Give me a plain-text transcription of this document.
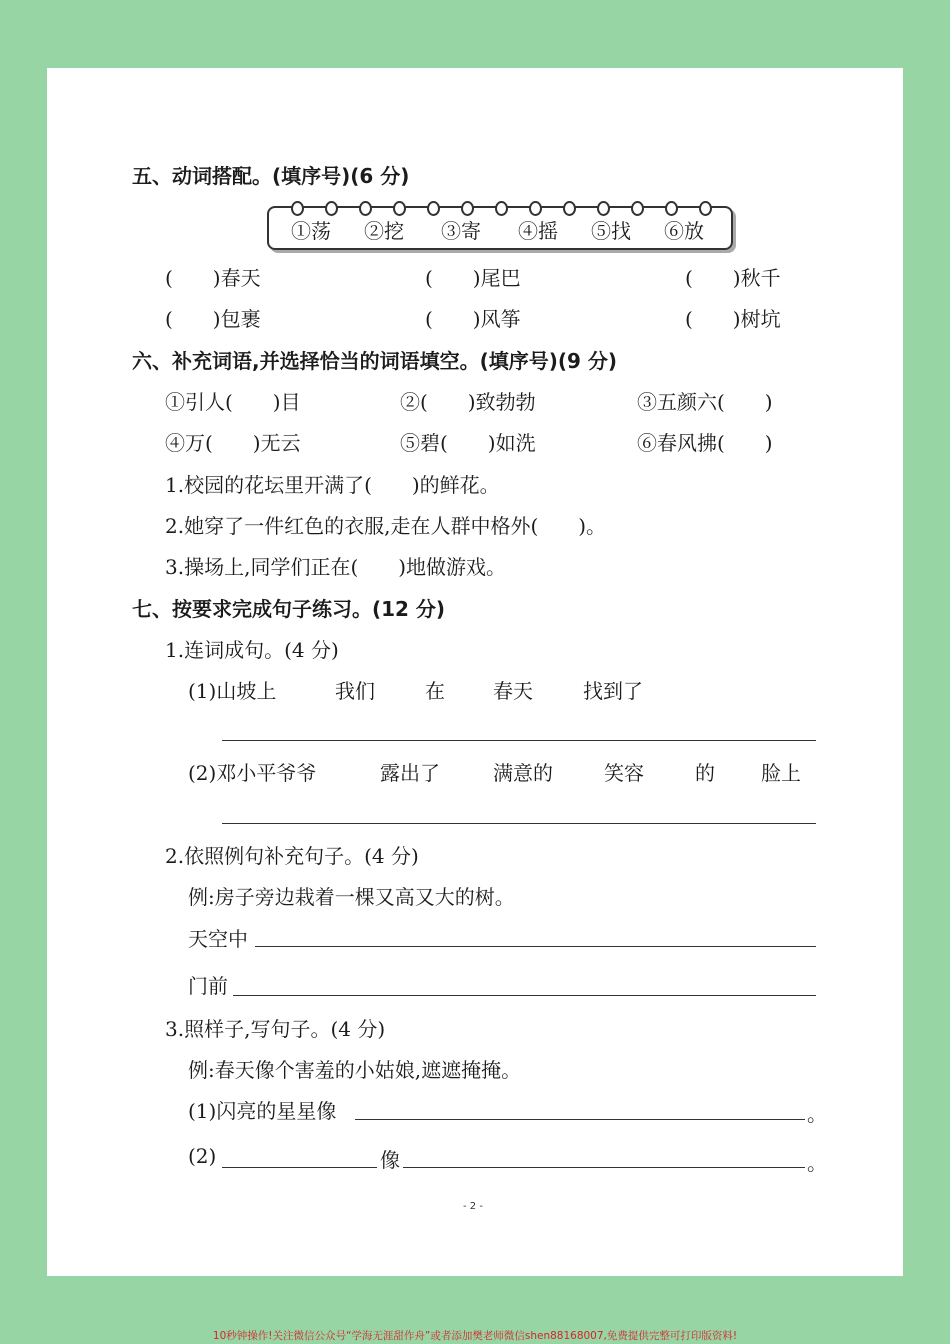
五、动词搭配。(填序号)(6 分)
①荡 ②挖 ③寄 ④摇 ⑤找 ⑥放
(　　)春天	(　　)尾巴	(　　)秋千
(　　)包裹	(　　)风筝	(　　)树坑
六、补充词语,并选择恰当的词语填空。(填序号)(9 分)
①引人(　　)目	②(　　)致勃勃	③五颜六(　　)
④万(　　)无云	⑤碧(　　)如洗	⑥春风拂(　　)
1.校园的花坛里开满了(　　)的鲜花。
2.她穿了一件红色的衣服,走在人群中格外(　　)。
3.操场上,同学们正在(　　)地做游戏。
七、按要求完成句子练习。(12 分)
1.连词成句。(4 分)
(1)山坡上	我们	在 春天	找到了
(2)邓小平爷爷	露出了	满意的	笑容	的 脸上
2.依照例句补充句子。(4 分)
例:房子旁边栽着一棵又高又大的树。
天空中
门前
3.照样子,写句子。(4 分)
例:春天像个害羞的小姑娘,遮遮掩掩。
(1)闪亮的星星像	。
(2)	像	。
- 2 -
10秒钟操作!关注微信公众号“学海无涯甜作舟”或者添加樊老师微信shen88168007,免费提供完整可打印版资料!
